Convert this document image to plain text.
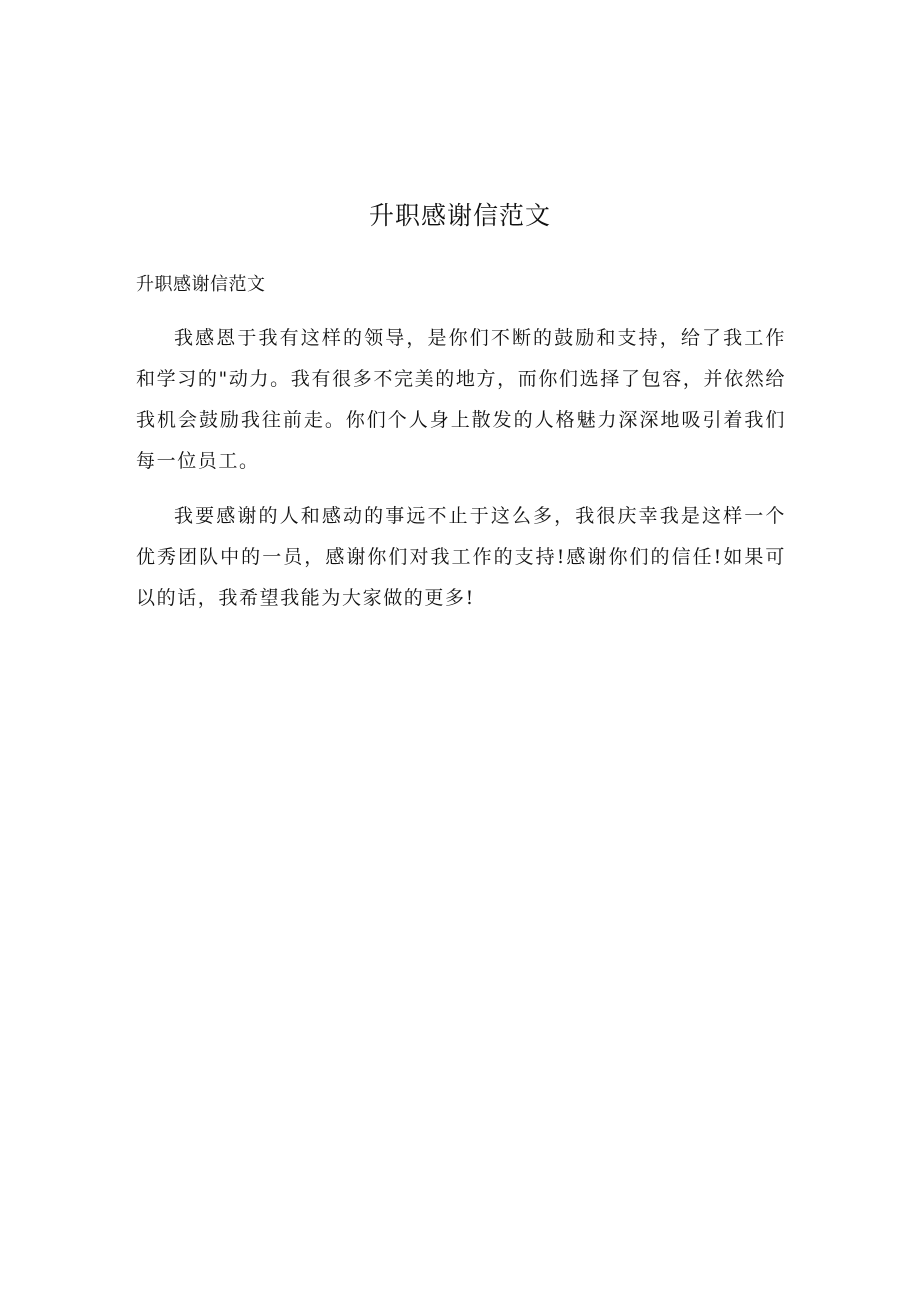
升职感谢信范文

升职感谢信范文

我感恩于我有这样的领导，是你们不断的鼓励和支持，给了我工作和学习的"动力。我有很多不完美的地方，而你们选择了包容，并依然给我机会鼓励我往前走。你们个人身上散发的人格魅力深深地吸引着我们每一位员工。

我要感谢的人和感动的事远不止于这么多，我很庆幸我是这样一个优秀团队中的一员，感谢你们对我工作的支持!感谢你们的信任!如果可以的话，我希望我能为大家做的更多!
